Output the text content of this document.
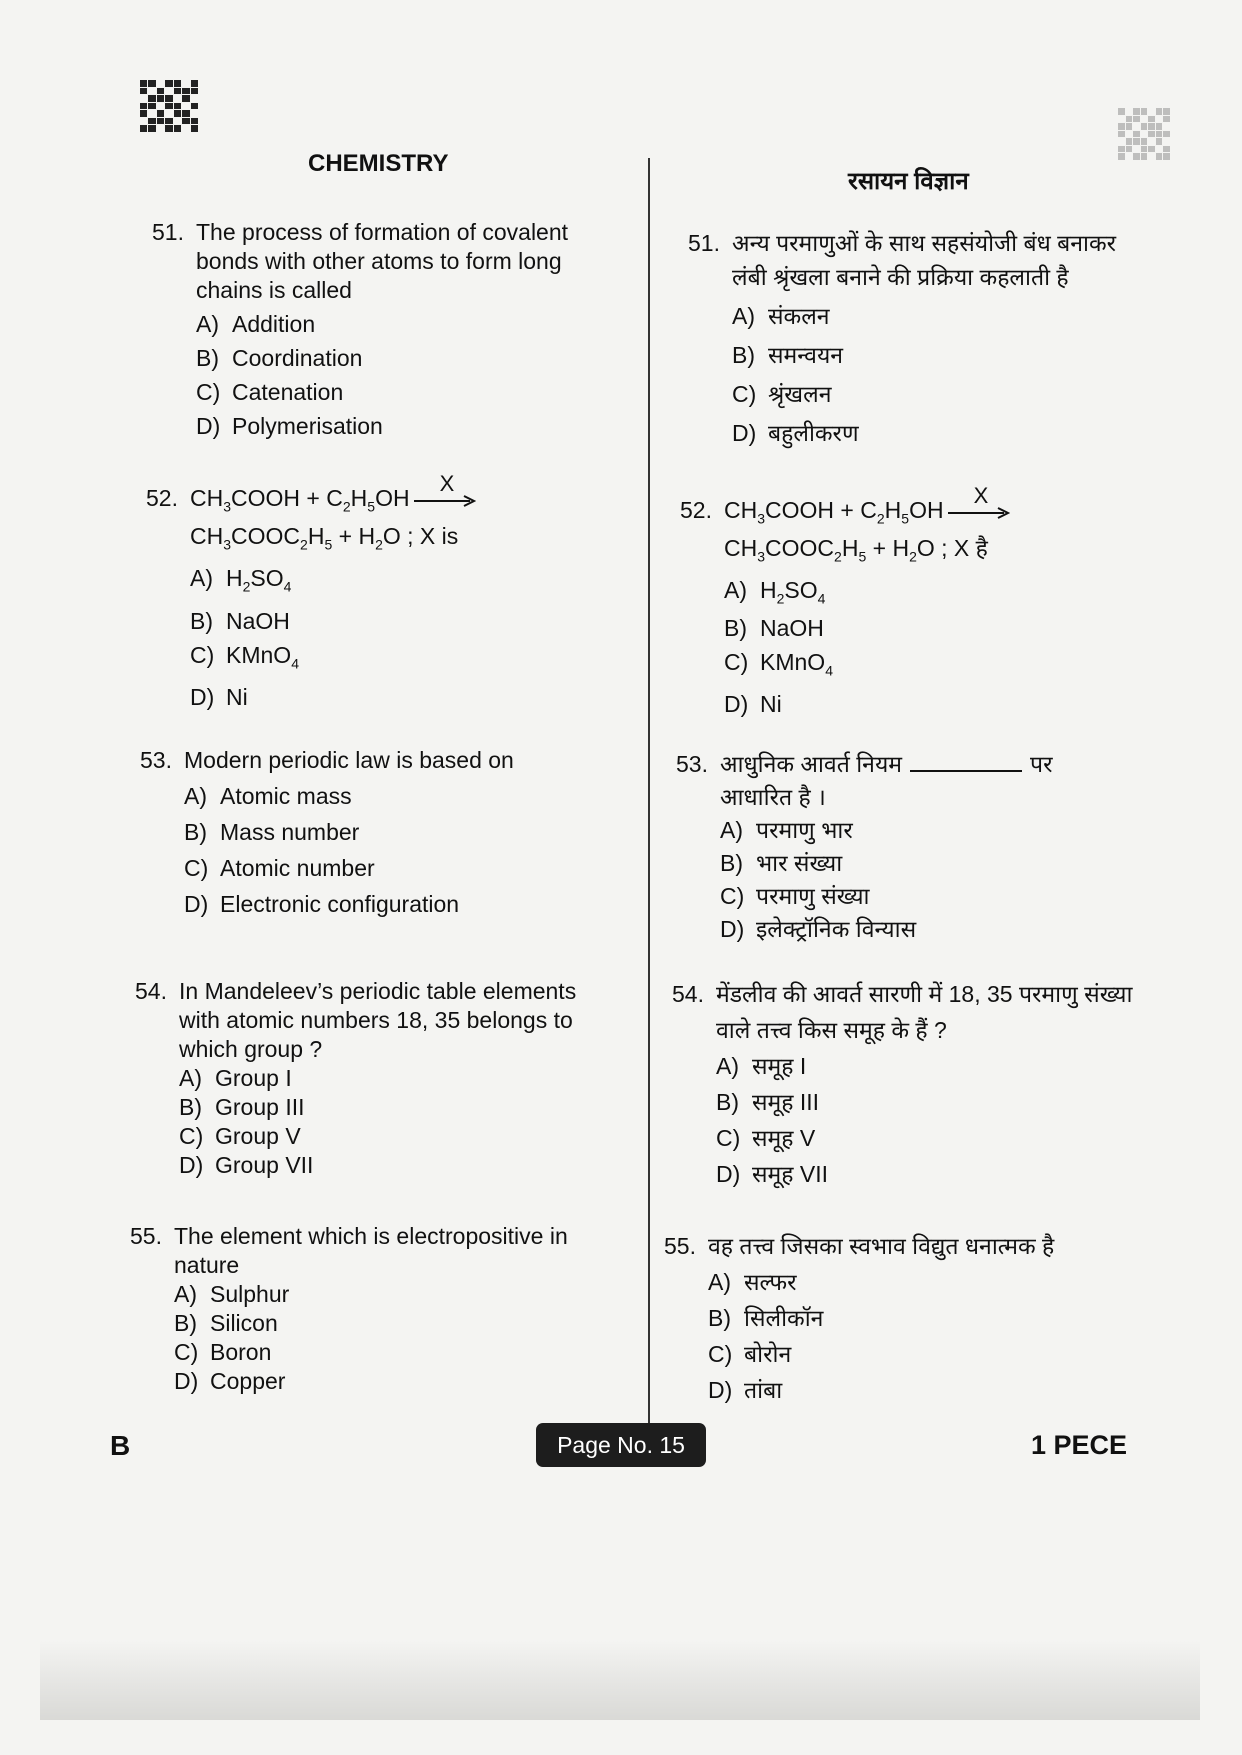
CHEMISTRY
51. The process of formation of covalent bonds with other atoms to form long chains is called
A) Addition
B) Coordination
C) Catenation
D) Polymerisation
52. $CH_3COOH + C_2H_5OH$
X
$CH_3COOC_2H_5 + H_2O$ ; X is
A) $H_2SO_4$
B) NaOH
C) KMnO$_4$
D) Ni
53. Modern periodic law is based on
A) Atomic mass
B) Mass number
C) Atomic number
D) Electronic configuration
54. In Mandeleev’s periodic table elements with atomic numbers 18, 35 belongs to which group ?
A) Group I
B) Group III
C) Group V
D) Group VII
55. The element which is electropositive in nature
A) Sulphur
B) Silicon
C) Boron
D) Copper
रसायन विज्ञान
51. अन्य परमाणुओं के साथ सहसंयोजी बंध बनाकर लंबी श्रृंखला बनाने की प्रक्रिया कहलाती है
A) संकलन
B) समन्वयन
C) श्रृंखलन
D) बहुलीकरण
52. $CH_3COOH + C_2H_5OH$
X
$CH_3COOC_2H_5 + H_2O$ ; X है
A) $H_2SO_4$
B) NaOH
C) KMnO$_4$
D) Ni
53. आधुनिक आवर्त नियम	पर
आधारित है ।
A) परमाणु भार
B) भार संख्या
C) परमाणु संख्या
D) इलेक्ट्रॉनिक विन्यास
54. मेंडलीव की आवर्त सारणी में 18, 35 परमाणु संख्या वाले तत्त्व किस समूह के हैं ?
A) समूह I
B) समूह III
C) समूह V
D) समूह VII
55. वह तत्त्व जिसका स्वभाव विद्युत धनात्मक है
A) सल्फर
B) सिलीकॉन
C) बोरोन
D) तांबा
B	Page No. 15	1 PECE
